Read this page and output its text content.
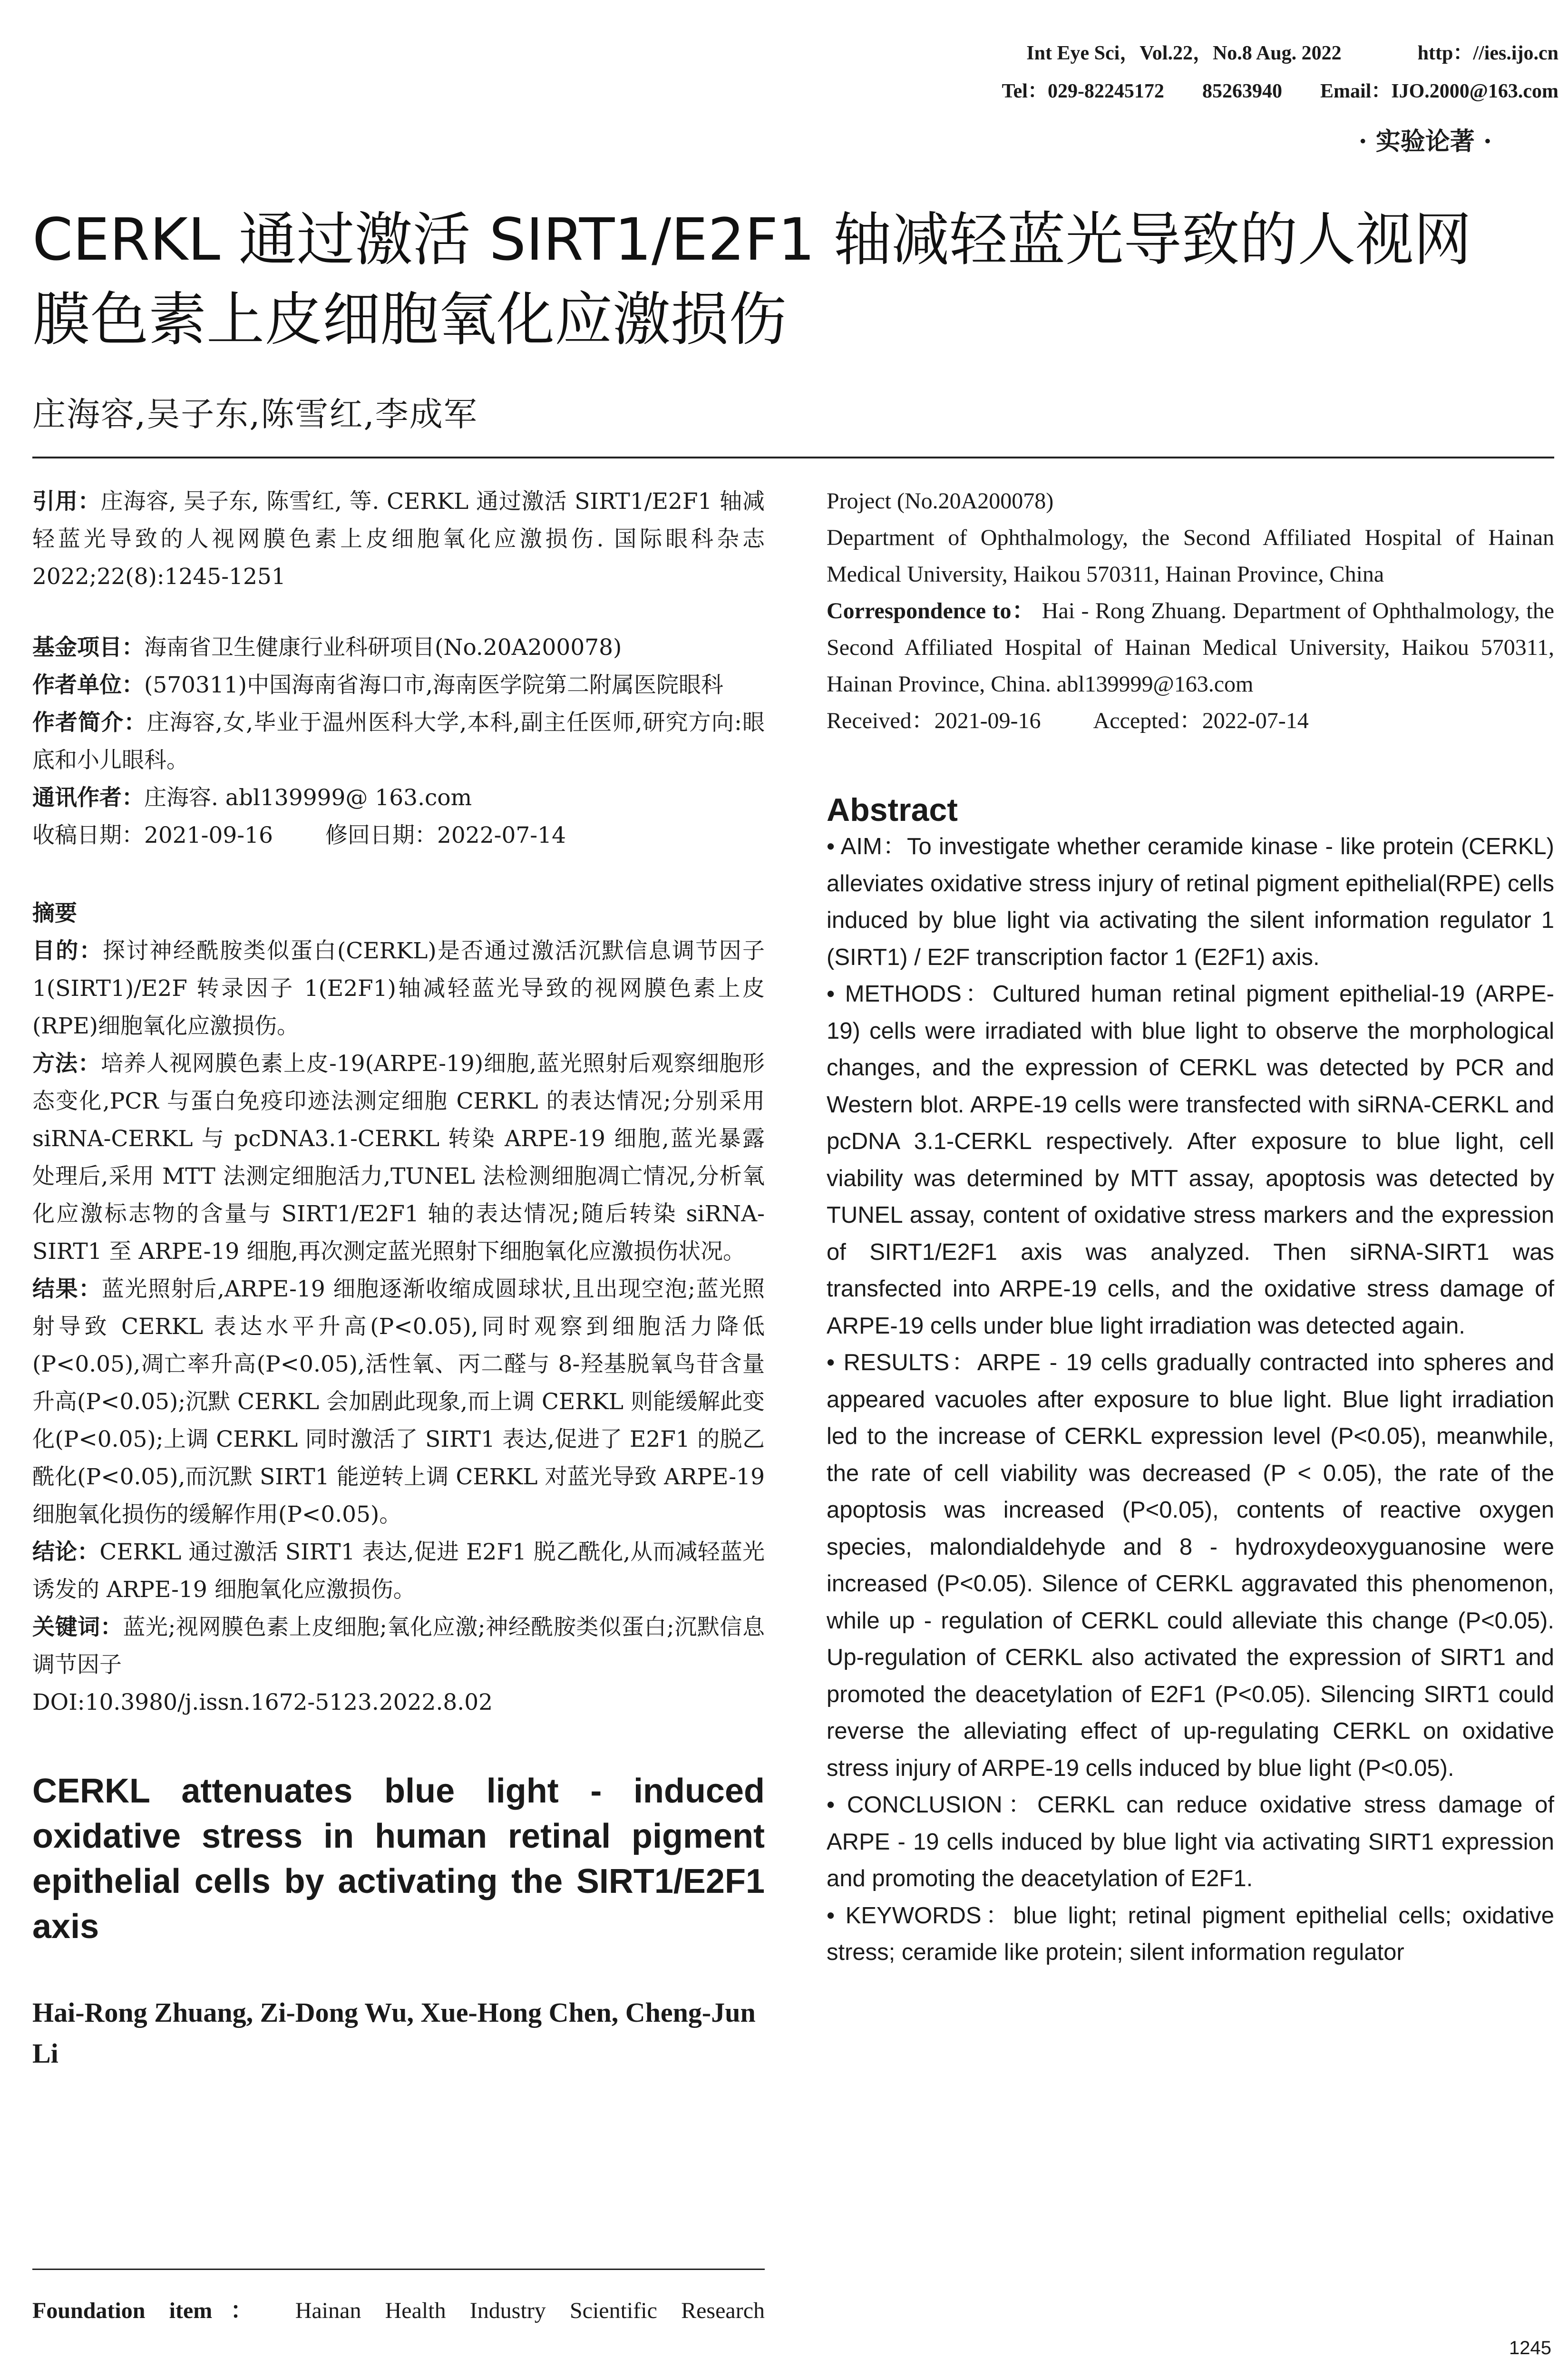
Int Eye Sci，Vol.22，No.8 Aug. 2022	http：//ies.ijo.cn

Tel：029-82245172 85263940 Email：IJO.2000@163.com

· 实验论著 ·
CERKL 通过激活 SIRT1/E2F1 轴减轻蓝光导致的人视网
膜色素上皮细胞氧化应激损伤
庄海容,吴子东,陈雪红,李成军

引用：庄海容, 吴子东, 陈雪红, 等. CERKL 通过激活 SIRT1/E2F1 轴减轻蓝光导致的人视网膜色素上皮细胞氧化应激损伤. 国际眼科杂志 2022;22(8):1245-1251

基金项目：海南省卫生健康行业科研项目(No.20A200078)

作者单位：(570311)中国海南省海口市,海南医学院第二附属医院眼科

作者简介：庄海容,女,毕业于温州医科大学,本科,副主任医师,研究方向:眼底和小儿眼科。

通讯作者：庄海容. abl139999@ 163.com

收稿日期：2021-09-16 修回日期：2022-07-14

摘要

目的：探讨神经酰胺类似蛋白(CERKL)是否通过激活沉默信息调节因子 1(SIRT1)/E2F 转录因子 1(E2F1)轴减轻蓝光导致的视网膜色素上皮(RPE)细胞氧化应激损伤。

方法：培养人视网膜色素上皮-19(ARPE-19)细胞,蓝光照射后观察细胞形态变化,PCR 与蛋白免疫印迹法测定细胞 CERKL 的表达情况;分别采用 siRNA-CERKL 与 pcDNA3.1-CERKL 转染 ARPE-19 细胞,蓝光暴露处理后,采用 MTT 法测定细胞活力,TUNEL 法检测细胞凋亡情况,分析氧化应激标志物的含量与 SIRT1/E2F1 轴的表达情况;随后转染 siRNA-SIRT1 至 ARPE-19 细胞,再次测定蓝光照射下细胞氧化应激损伤状况。

结果：蓝光照射后,ARPE-19 细胞逐渐收缩成圆球状,且出现空泡;蓝光照射导致 CERKL 表达水平升高(P<0.05),同时观察到细胞活力降低(P<0.05),凋亡率升高(P<0.05),活性氧、丙二醛与 8-羟基脱氧鸟苷含量升高(P<0.05);沉默 CERKL 会加剧此现象,而上调 CERKL 则能缓解此变化(P<0.05);上调 CERKL 同时激活了 SIRT1 表达,促进了 E2F1 的脱乙酰化(P<0.05),而沉默 SIRT1 能逆转上调 CERKL 对蓝光导致 ARPE-19 细胞氧化损伤的缓解作用(P<0.05)。

结论：CERKL 通过激活 SIRT1 表达,促进 E2F1 脱乙酰化,从而减轻蓝光诱发的 ARPE-19 细胞氧化应激损伤。

关键词：蓝光;视网膜色素上皮细胞;氧化应激;神经酰胺类似蛋白;沉默信息调节因子

DOI:10.3980/j.issn.1672-5123.2022.8.02

CERKL attenuates blue light - induced oxidative stress in human retinal pigment epithelial cells by activating the SIRT1/E2F1 axis

Hai-Rong Zhuang, Zi-Dong Wu, Xue-Hong Chen, Cheng-Jun Li

Foundation item： Hainan Health Industry Scientific Research

Project (No.20A200078)

Department of Ophthalmology, the Second Affiliated Hospital of Hainan Medical University, Haikou 570311, Hainan Province, China

Correspondence to： Hai - Rong Zhuang. Department of Ophthalmology, the Second Affiliated Hospital of Hainan Medical University, Haikou 570311, Hainan Province, China. abl139999@163.com

Received：2021-09-16 Accepted：2022-07-14

Abstract

• AIM：To investigate whether ceramide kinase - like protein (CERKL) alleviates oxidative stress injury of retinal pigment epithelial(RPE) cells induced by blue light via activating the silent information regulator 1 (SIRT1) / E2F transcription factor 1 (E2F1) axis.

• METHODS：Cultured human retinal pigment epithelial-19 (ARPE-19) cells were irradiated with blue light to observe the morphological changes, and the expression of CERKL was detected by PCR and Western blot. ARPE-19 cells were transfected with siRNA-CERKL and pcDNA 3.1-CERKL respectively. After exposure to blue light, cell viability was determined by MTT assay, apoptosis was detected by TUNEL assay, content of oxidative stress markers and the expression of SIRT1/E2F1 axis was analyzed. Then siRNA-SIRT1 was transfected into ARPE-19 cells, and the oxidative stress damage of ARPE-19 cells under blue light irradiation was detected again.

• RESULTS：ARPE - 19 cells gradually contracted into spheres and appeared vacuoles after exposure to blue light. Blue light irradiation led to the increase of CERKL expression level (P<0.05), meanwhile, the rate of cell viability was decreased (P < 0.05), the rate of the apoptosis was increased (P<0.05), contents of reactive oxygen species, malondialdehyde and 8 - hydroxydeoxyguanosine were increased (P<0.05). Silence of CERKL aggravated this phenomenon, while up - regulation of CERKL could alleviate this change (P<0.05). Up-regulation of CERKL also activated the expression of SIRT1 and promoted the deacetylation of E2F1 (P<0.05). Silencing SIRT1 could reverse the alleviating effect of up-regulating CERKL on oxidative stress injury of ARPE-19 cells induced by blue light (P<0.05).

• CONCLUSION：CERKL can reduce oxidative stress damage of ARPE - 19 cells induced by blue light via activating SIRT1 expression and promoting the deacetylation of E2F1.

• KEYWORDS：blue light; retinal pigment epithelial cells; oxidative stress; ceramide like protein; silent information regulator

1245
